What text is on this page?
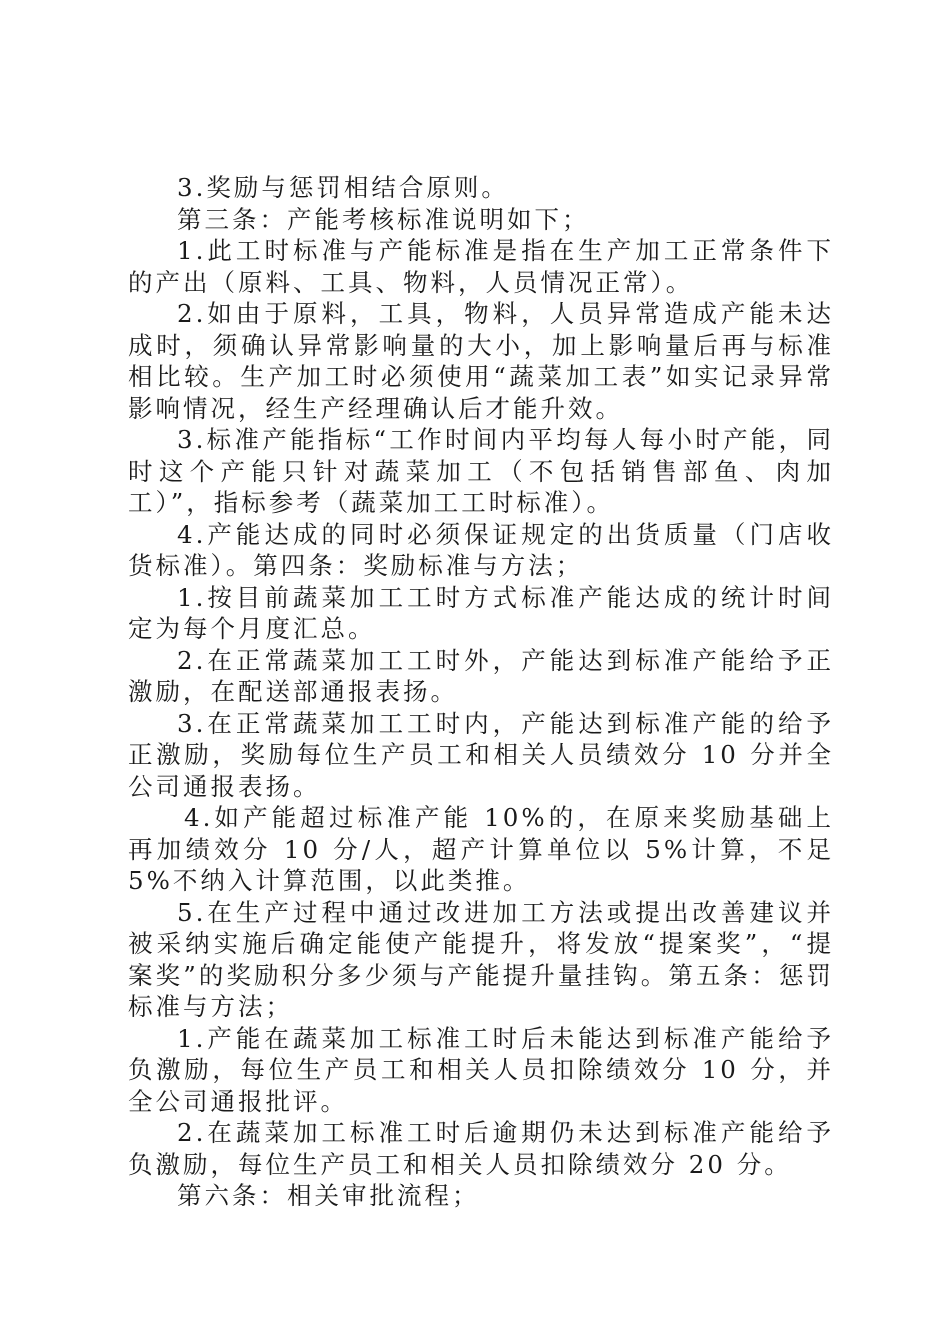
3.奖励与惩罚相结合原则。

第三条：产能考核标准说明如下；

1.此工时标准与产能标准是指在生产加工正常条件下的产出（原料、工具、物料，人员情况正常）。

2.如由于原料，工具，物料，人员异常造成产能未达成时，须确认异常影响量的大小，加上影响量后再与标准相比较。生产加工时必须使用“蔬菜加工表”如实记录异常影响情况，经生产经理确认后才能升效。

3.标准产能指标“工作时间内平均每人每小时产能，同时这个产能只针对蔬菜加工（不包括销售部鱼、肉加工）”，指标参考（蔬菜加工工时标准）。

4.产能达成的同时必须保证规定的出货质量（门店收货标准）。第四条：奖励标准与方法；

1.按目前蔬菜加工工时方式标准产能达成的统计时间定为每个月度汇总。

2.在正常蔬菜加工工时外，产能达到标准产能给予正激励，在配送部通报表扬。

3.在正常蔬菜加工工时内，产能达到标准产能的给予正激励，奖励每位生产员工和相关人员绩效分 10 分并全公司通报表扬。

4.如产能超过标准产能 10%的，在原来奖励基础上再加绩效分 10 分/人，超产计算单位以 5%计算，不足 5%不纳入计算范围，以此类推。

5.在生产过程中通过改进加工方法或提出改善建议并被采纳实施后确定能使产能提升，将发放“提案奖”，“提案奖”的奖励积分多少须与产能提升量挂钩。第五条：惩罚标准与方法；

1.产能在蔬菜加工标准工时后未能达到标准产能给予负激励，每位生产员工和相关人员扣除绩效分 10 分，并全公司通报批评。

2.在蔬菜加工标准工时后逾期仍未达到标准产能给予负激励，每位生产员工和相关人员扣除绩效分 20 分。

第六条：相关审批流程；
